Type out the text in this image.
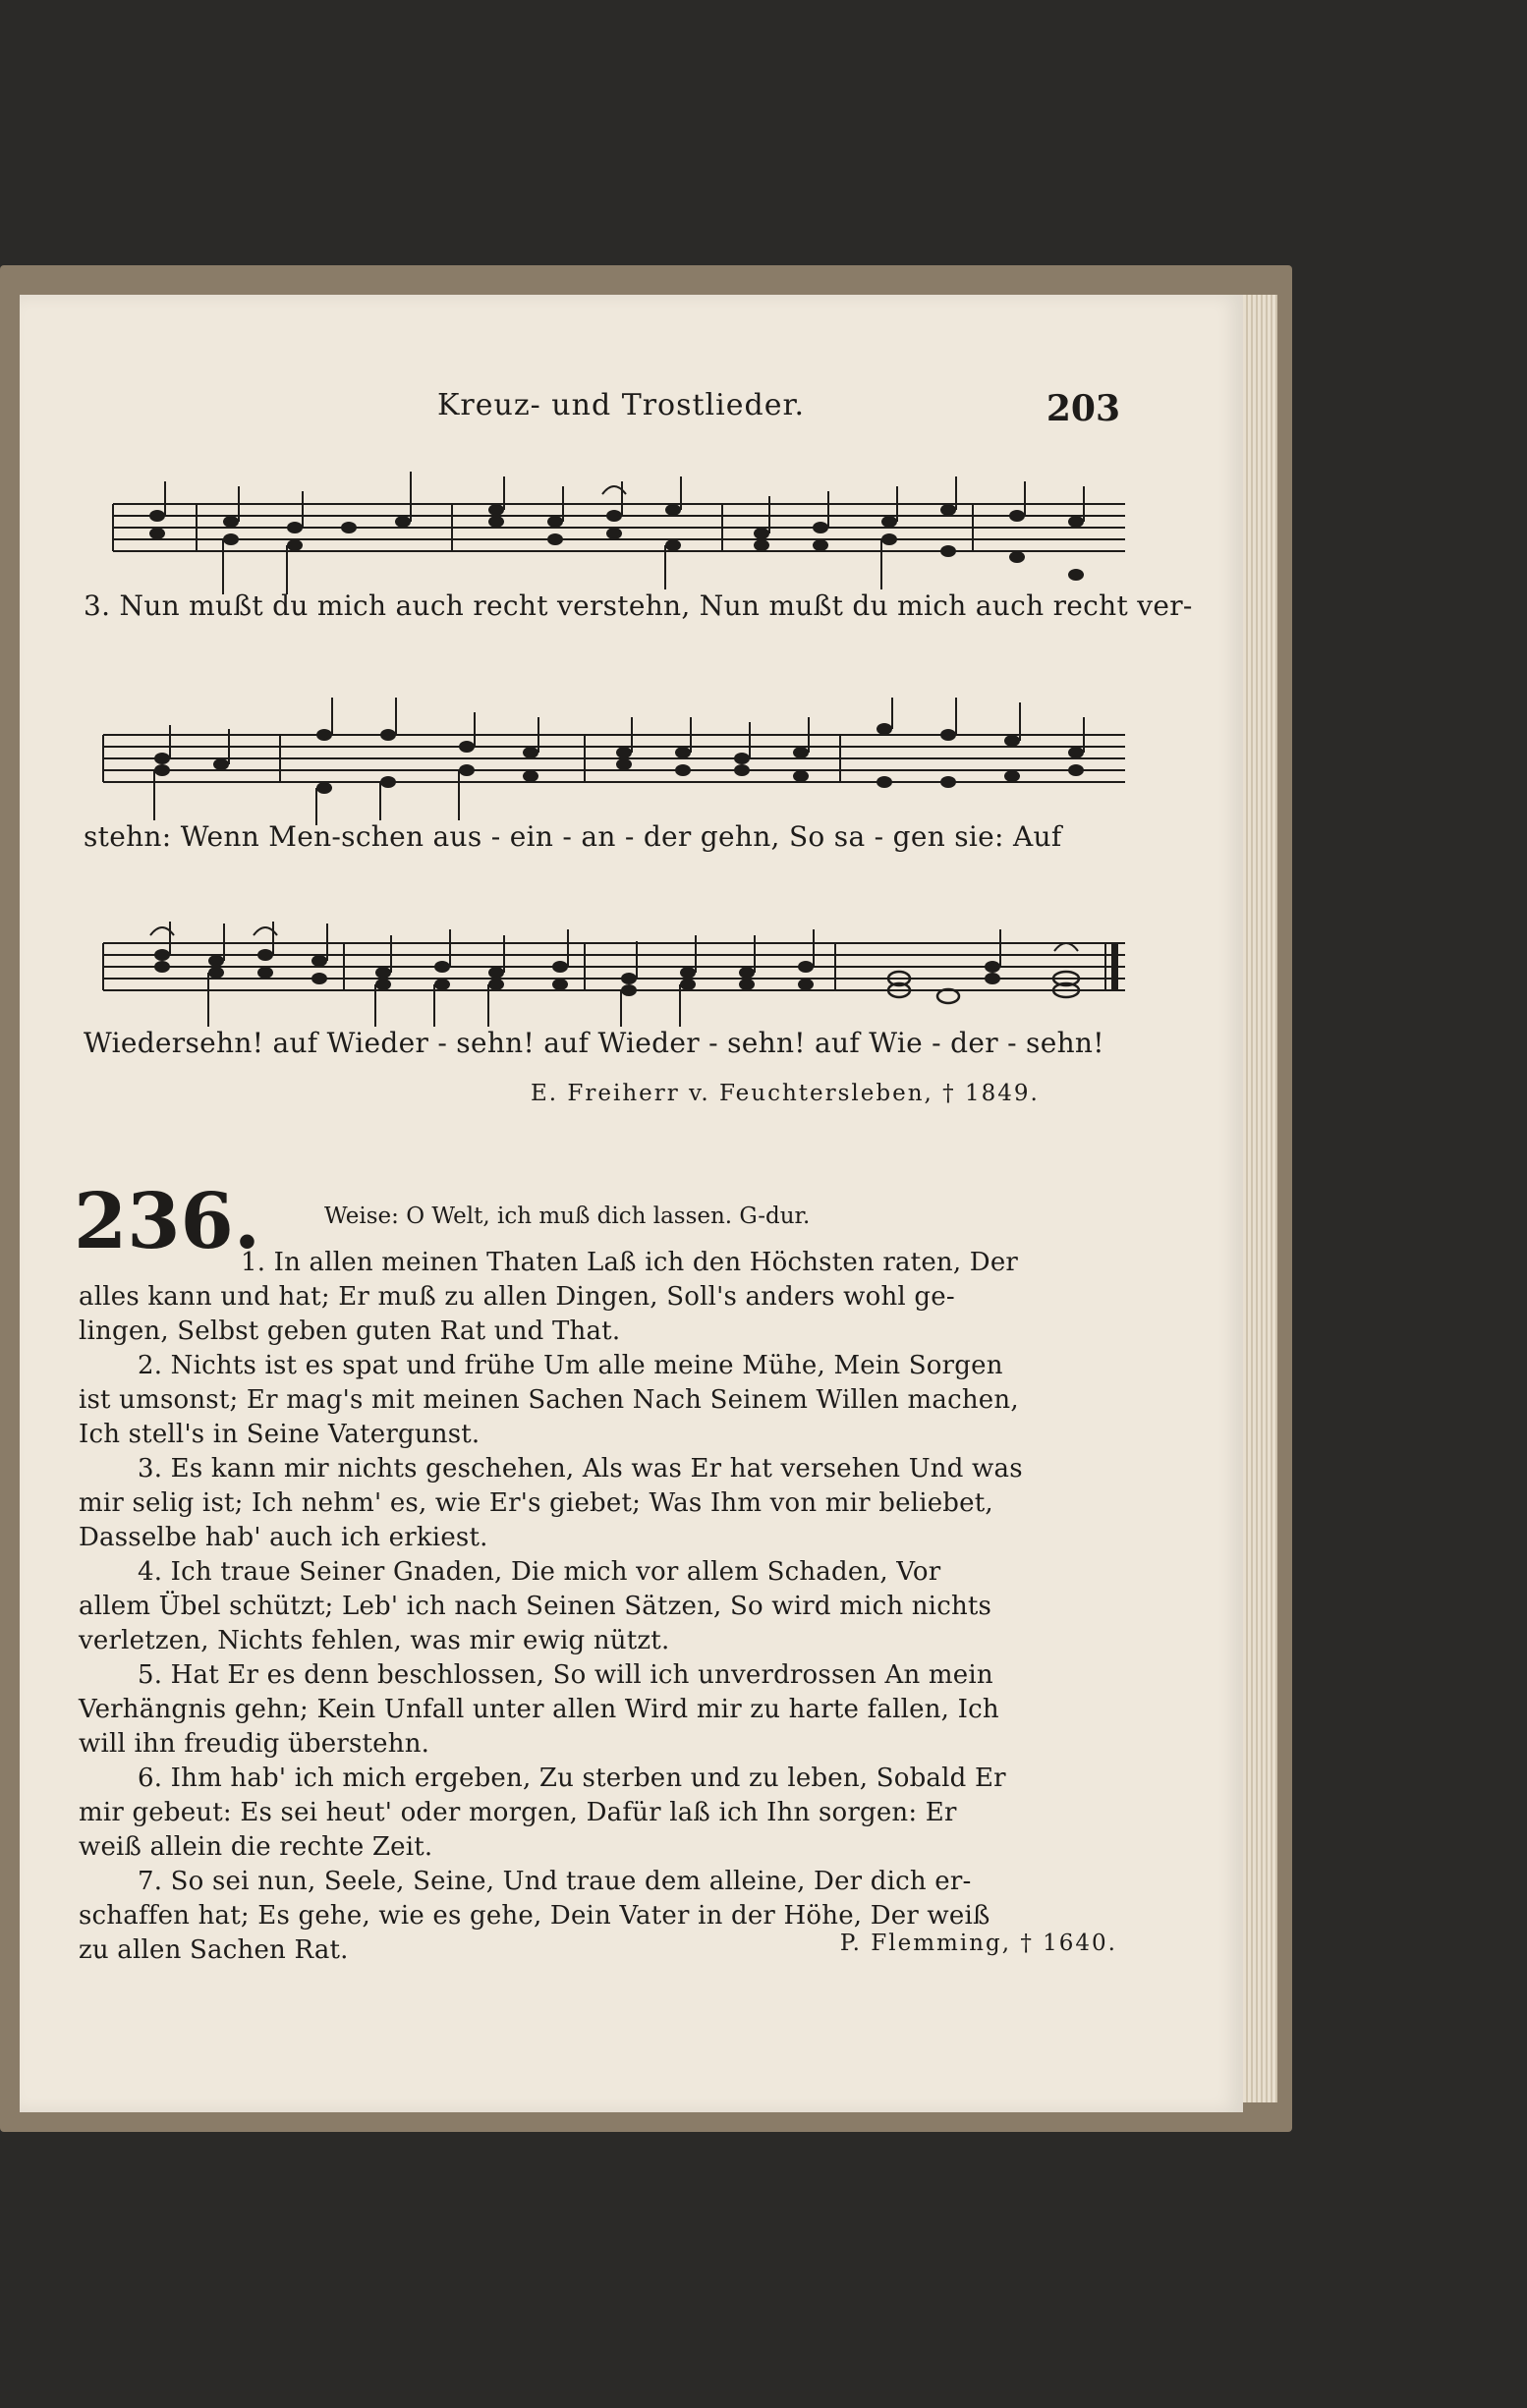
Kreuz- und Trostlieder.	203
3. Nun mußt du mich auch recht verstehn, Nun mußt du mich auch recht ver-
stehn: Wenn Men-schen aus - ein - an - der gehn, So sa - gen sie: Auf
Wiedersehn! auf Wieder - sehn! auf Wieder - sehn! auf Wie - der - sehn!
E. Freiherr v. Feuchtersleben, † 1849.
236.	Weise: O Welt, ich muß dich lassen. G-dur.
1. In allen meinen Thaten Laß ich den Höchsten raten, Der
alles kann und hat; Er muß zu allen Dingen, Soll's anders wohl ge-
lingen, Selbst geben guten Rat und That.
2. Nichts ist es spat und frühe Um alle meine Mühe, Mein Sorgen
ist umsonst; Er mag's mit meinen Sachen Nach Seinem Willen machen,
Ich stell's in Seine Vatergunst.
3. Es kann mir nichts geschehen, Als was Er hat versehen Und was
mir selig ist; Ich nehm' es, wie Er's giebet; Was Ihm von mir beliebet,
Dasselbe hab' auch ich erkiest.
4. Ich traue Seiner Gnaden, Die mich vor allem Schaden, Vor
allem Übel schützt; Leb' ich nach Seinen Sätzen, So wird mich nichts
verletzen, Nichts fehlen, was mir ewig nützt.
5. Hat Er es denn beschlossen, So will ich unverdrossen An mein
Verhängnis gehn; Kein Unfall unter allen Wird mir zu harte fallen, Ich
will ihn freudig überstehn.
6. Ihm hab' ich mich ergeben, Zu sterben und zu leben, Sobald Er
mir gebeut: Es sei heut' oder morgen, Dafür laß ich Ihn sorgen: Er
weiß allein die rechte Zeit.
7. So sei nun, Seele, Seine, Und traue dem alleine, Der dich er-
schaffen hat; Es gehe, wie es gehe, Dein Vater in der Höhe, Der weiß
zu allen Sachen Rat.	P. Flemming, † 1640.
